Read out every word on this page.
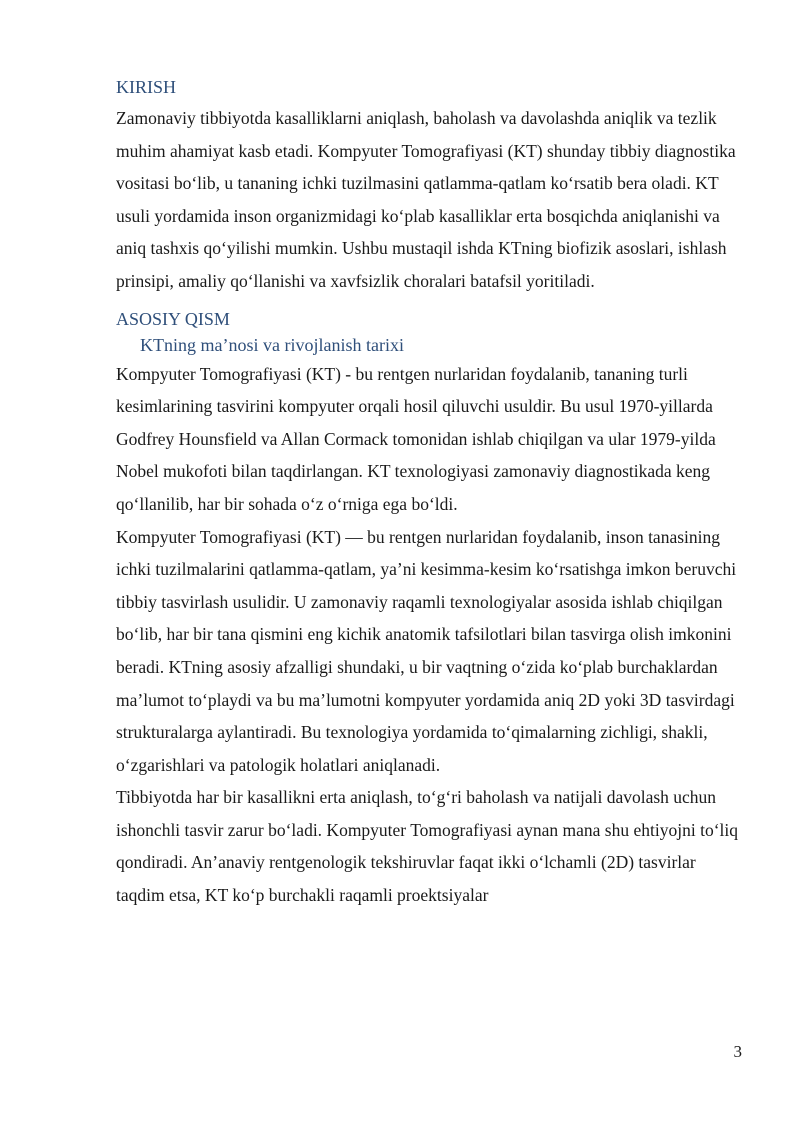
KIRISH

Zamonaviy tibbiyotda kasalliklarni aniqlash, baholash va davolashda aniqlik va tezlik muhim ahamiyat kasb etadi. Kompyuter Tomografiyasi (KT) shunday tibbiy diagnostika vositasi bo‘lib, u tananing ichki tuzilmasini qatlamma-qatlam ko‘rsatib bera oladi. KT usuli yordamida inson organizmidagi ko‘plab kasalliklar erta bosqichda aniqlanishi va aniq tashxis qo‘yilishi mumkin. Ushbu mustaqil ishda KTning biofizik asoslari, ishlash prinsipi, amaliy qo‘llanishi va xavfsizlik choralari batafsil yoritiladi.

ASOSIY QISM

KTning ma’nosi va rivojlanish tarixi

Kompyuter Tomografiyasi (KT) - bu rentgen nurlaridan foydalanib, tananing turli kesimlarining tasvirini kompyuter orqali hosil qiluvchi usuldir. Bu usul 1970-yillarda Godfrey Hounsfield va Allan Cormack tomonidan ishlab chiqilgan va ular 1979-yilda Nobel mukofoti bilan taqdirlangan. KT texnologiyasi zamonaviy diagnostikada keng qo‘llanilib, har bir sohada o‘z o‘rniga ega bo‘ldi.

Kompyuter Tomografiyasi (KT) — bu rentgen nurlaridan foydalanib, inson tanasining ichki tuzilmalarini qatlamma-qatlam, ya’ni kesimma-kesim ko‘rsatishga imkon beruvchi tibbiy tasvirlash usulidir. U zamonaviy raqamli texnologiyalar asosida ishlab chiqilgan bo‘lib, har bir tana qismini eng kichik anatomik tafsilotlari bilan tasvirga olish imkonini beradi. KTning asosiy afzalligi shundaki, u bir vaqtning o‘zida ko‘plab burchaklardan ma’lumot to‘playdi va bu ma’lumotni kompyuter yordamida aniq 2D yoki 3D tasvirdagi strukturalarga aylantiradi. Bu texnologiya yordamida to‘qimalarning zichligi, shakli, o‘zgarishlari va patologik holatlari aniqlanadi.

Tibbiyotda har bir kasallikni erta aniqlash, to‘g‘ri baholash va natijali davolash uchun ishonchli tasvir zarur bo‘ladi. Kompyuter Tomografiyasi aynan mana shu ehtiyojni to‘liq qondiradi. An’anaviy rentgenologik tekshiruvlar faqat ikki o‘lchamli (2D) tasvirlar taqdim etsa, KT ko‘p burchakli raqamli proektsiyalar

3
